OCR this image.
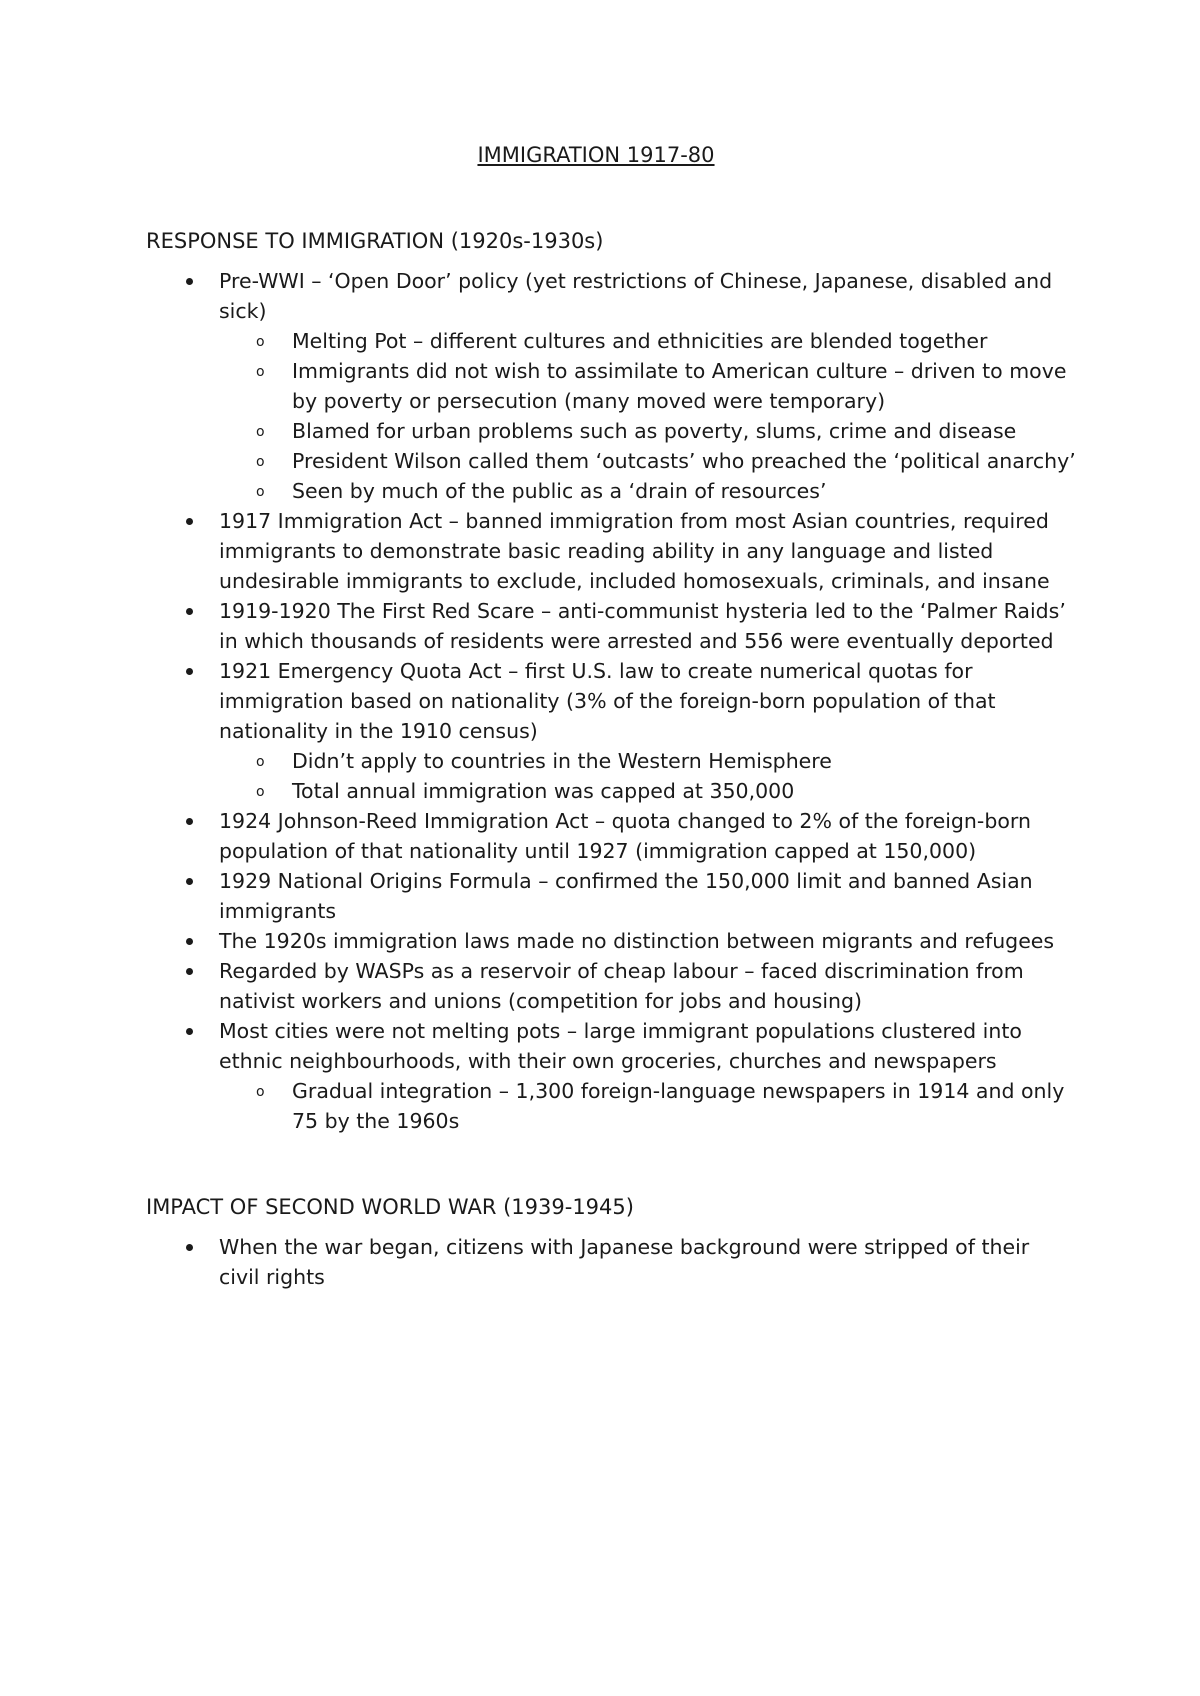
IMMIGRATION 1917-80
RESPONSE TO IMMIGRATION (1920s-1930s)
Pre-WWI – ‘Open Door’ policy (yet restrictions of Chinese, Japanese, disabled and sick)
o Melting Pot – different cultures and ethnicities are blended together
o Immigrants did not wish to assimilate to American culture – driven to move by poverty or persecution (many moved were temporary)
o Blamed for urban problems such as poverty, slums, crime and disease
o President Wilson called them ‘outcasts’ who preached the ‘political anarchy’
o Seen by much of the public as a ‘drain of resources’
1917 Immigration Act – banned immigration from most Asian countries, required immigrants to demonstrate basic reading ability in any language and listed undesirable immigrants to exclude, included homosexuals, criminals, and insane
1919-1920 The First Red Scare – anti-communist hysteria led to the ‘Palmer Raids’ in which thousands of residents were arrested and 556 were eventually deported
1921 Emergency Quota Act – first U.S. law to create numerical quotas for immigration based on nationality (3% of the foreign-born population of that nationality in the 1910 census)
o Didn’t apply to countries in the Western Hemisphere
o Total annual immigration was capped at 350,000
1924 Johnson-Reed Immigration Act – quota changed to 2% of the foreign-born population of that nationality until 1927 (immigration capped at 150,000)
1929 National Origins Formula – confirmed the 150,000 limit and banned Asian immigrants
The 1920s immigration laws made no distinction between migrants and refugees
Regarded by WASPs as a reservoir of cheap labour – faced discrimination from nativist workers and unions (competition for jobs and housing)
Most cities were not melting pots – large immigrant populations clustered into ethnic neighbourhoods, with their own groceries, churches and newspapers
o Gradual integration – 1,300 foreign-language newspapers in 1914 and only 75 by the 1960s
IMPACT OF SECOND WORLD WAR (1939-1945)
When the war began, citizens with Japanese background were stripped of their civil rights
